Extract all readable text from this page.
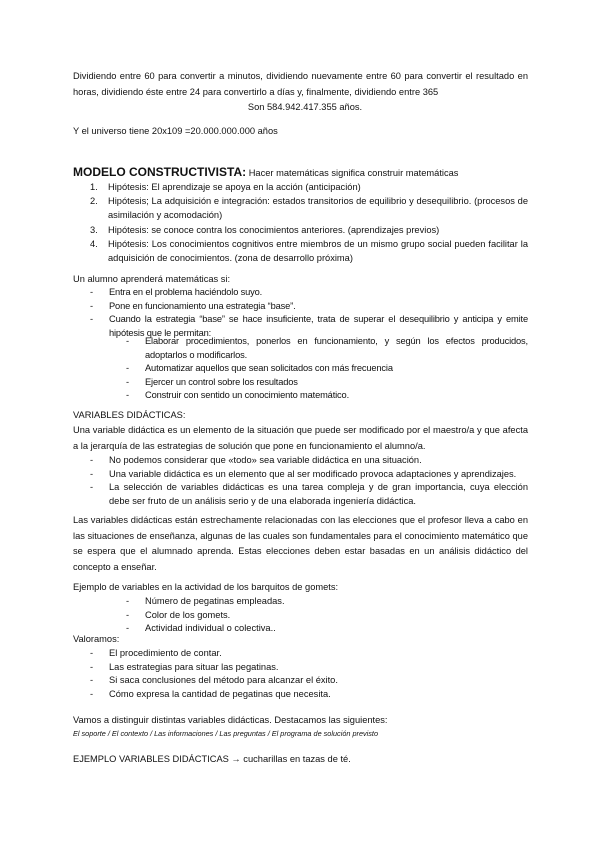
Dividiendo entre 60 para convertir a minutos, dividiendo nuevamente entre 60 para convertir el resultado en horas, dividiendo éste entre 24 para convertirlo a días y, finalmente, dividiendo entre 365

Son 584.942.417.355 años.

Y el universo tiene 20x109 =20.000.000.000 años

MODELO CONSTRUCTIVISTA: Hacer matemáticas significa construir matemáticas

1. Hipótesis: El aprendizaje se apoya en la acción (anticipación)
2. Hipótesis; La adquisición e integración: estados transitorios de equilibrio y desequilibrio. (procesos de asimilación y acomodación)
3. Hipótesis: se conoce contra los conocimientos anteriores. (aprendizajes previos)
4. Hipótesis: Los conocimientos cognitivos entre miembros de un mismo grupo social pueden facilitar la adquisición de conocimientos. (zona de desarrollo próxima)

Un alumno aprenderá matemáticas si:

- Entra en el problema haciéndolo suyo.
- Pone en funcionamiento una estrategia “base”.
- Cuando la estrategia “base” se hace insuficiente, trata de superar el desequilibrio y anticipa y emite hipótesis que le permitan:
- Elaborar procedimientos, ponerlos en funcionamiento, y según los efectos producidos, adoptarlos o modificarlos.
- Automatizar aquellos que sean solicitados con más frecuencia
- Ejercer un control sobre los resultados
- Construir con sentido un conocimiento matemático.

VARIABLES DIDÁCTICAS:

Una variable didáctica es un elemento de la situación que puede ser modificado por el maestro/a y que afecta a la jerarquía de las estrategias de solución que pone en funcionamiento el alumno/a.

- No podemos considerar que «todo» sea variable didáctica en una situación.
- Una variable didáctica es un elemento que al ser modificado provoca adaptaciones y aprendizajes.
- La selección de variables didácticas es una tarea compleja y de gran importancia, cuya elección debe ser fruto de un análisis serio y de una elaborada ingeniería didáctica.

Las variables didácticas están estrechamente relacionadas con las elecciones que el profesor lleva a cabo en las situaciones de enseñanza, algunas de las cuales son fundamentales para el conocimiento matemático que se espera que el alumnado aprenda. Estas elecciones deben estar basadas en un análisis didáctico del concepto a enseñar.

Ejemplo de variables en la actividad de los barquitos de gomets:

- Número de pegatinas empleadas.
- Color de los gomets.
- Actividad individual o colectiva..

Valoramos:

- El procedimiento de contar.
- Las estrategias para situar las pegatinas.
- Si saca conclusiones del método para alcanzar el éxito.
- Cómo expresa la cantidad de pegatinas que necesita.

Vamos a distinguir distintas variables didácticas. Destacamos las siguientes:

El soporte / El contexto / Las informaciones / Las preguntas / El programa de solución previsto

EJEMPLO VARIABLES DIDÁCTICAS → cucharillas en tazas de té.
